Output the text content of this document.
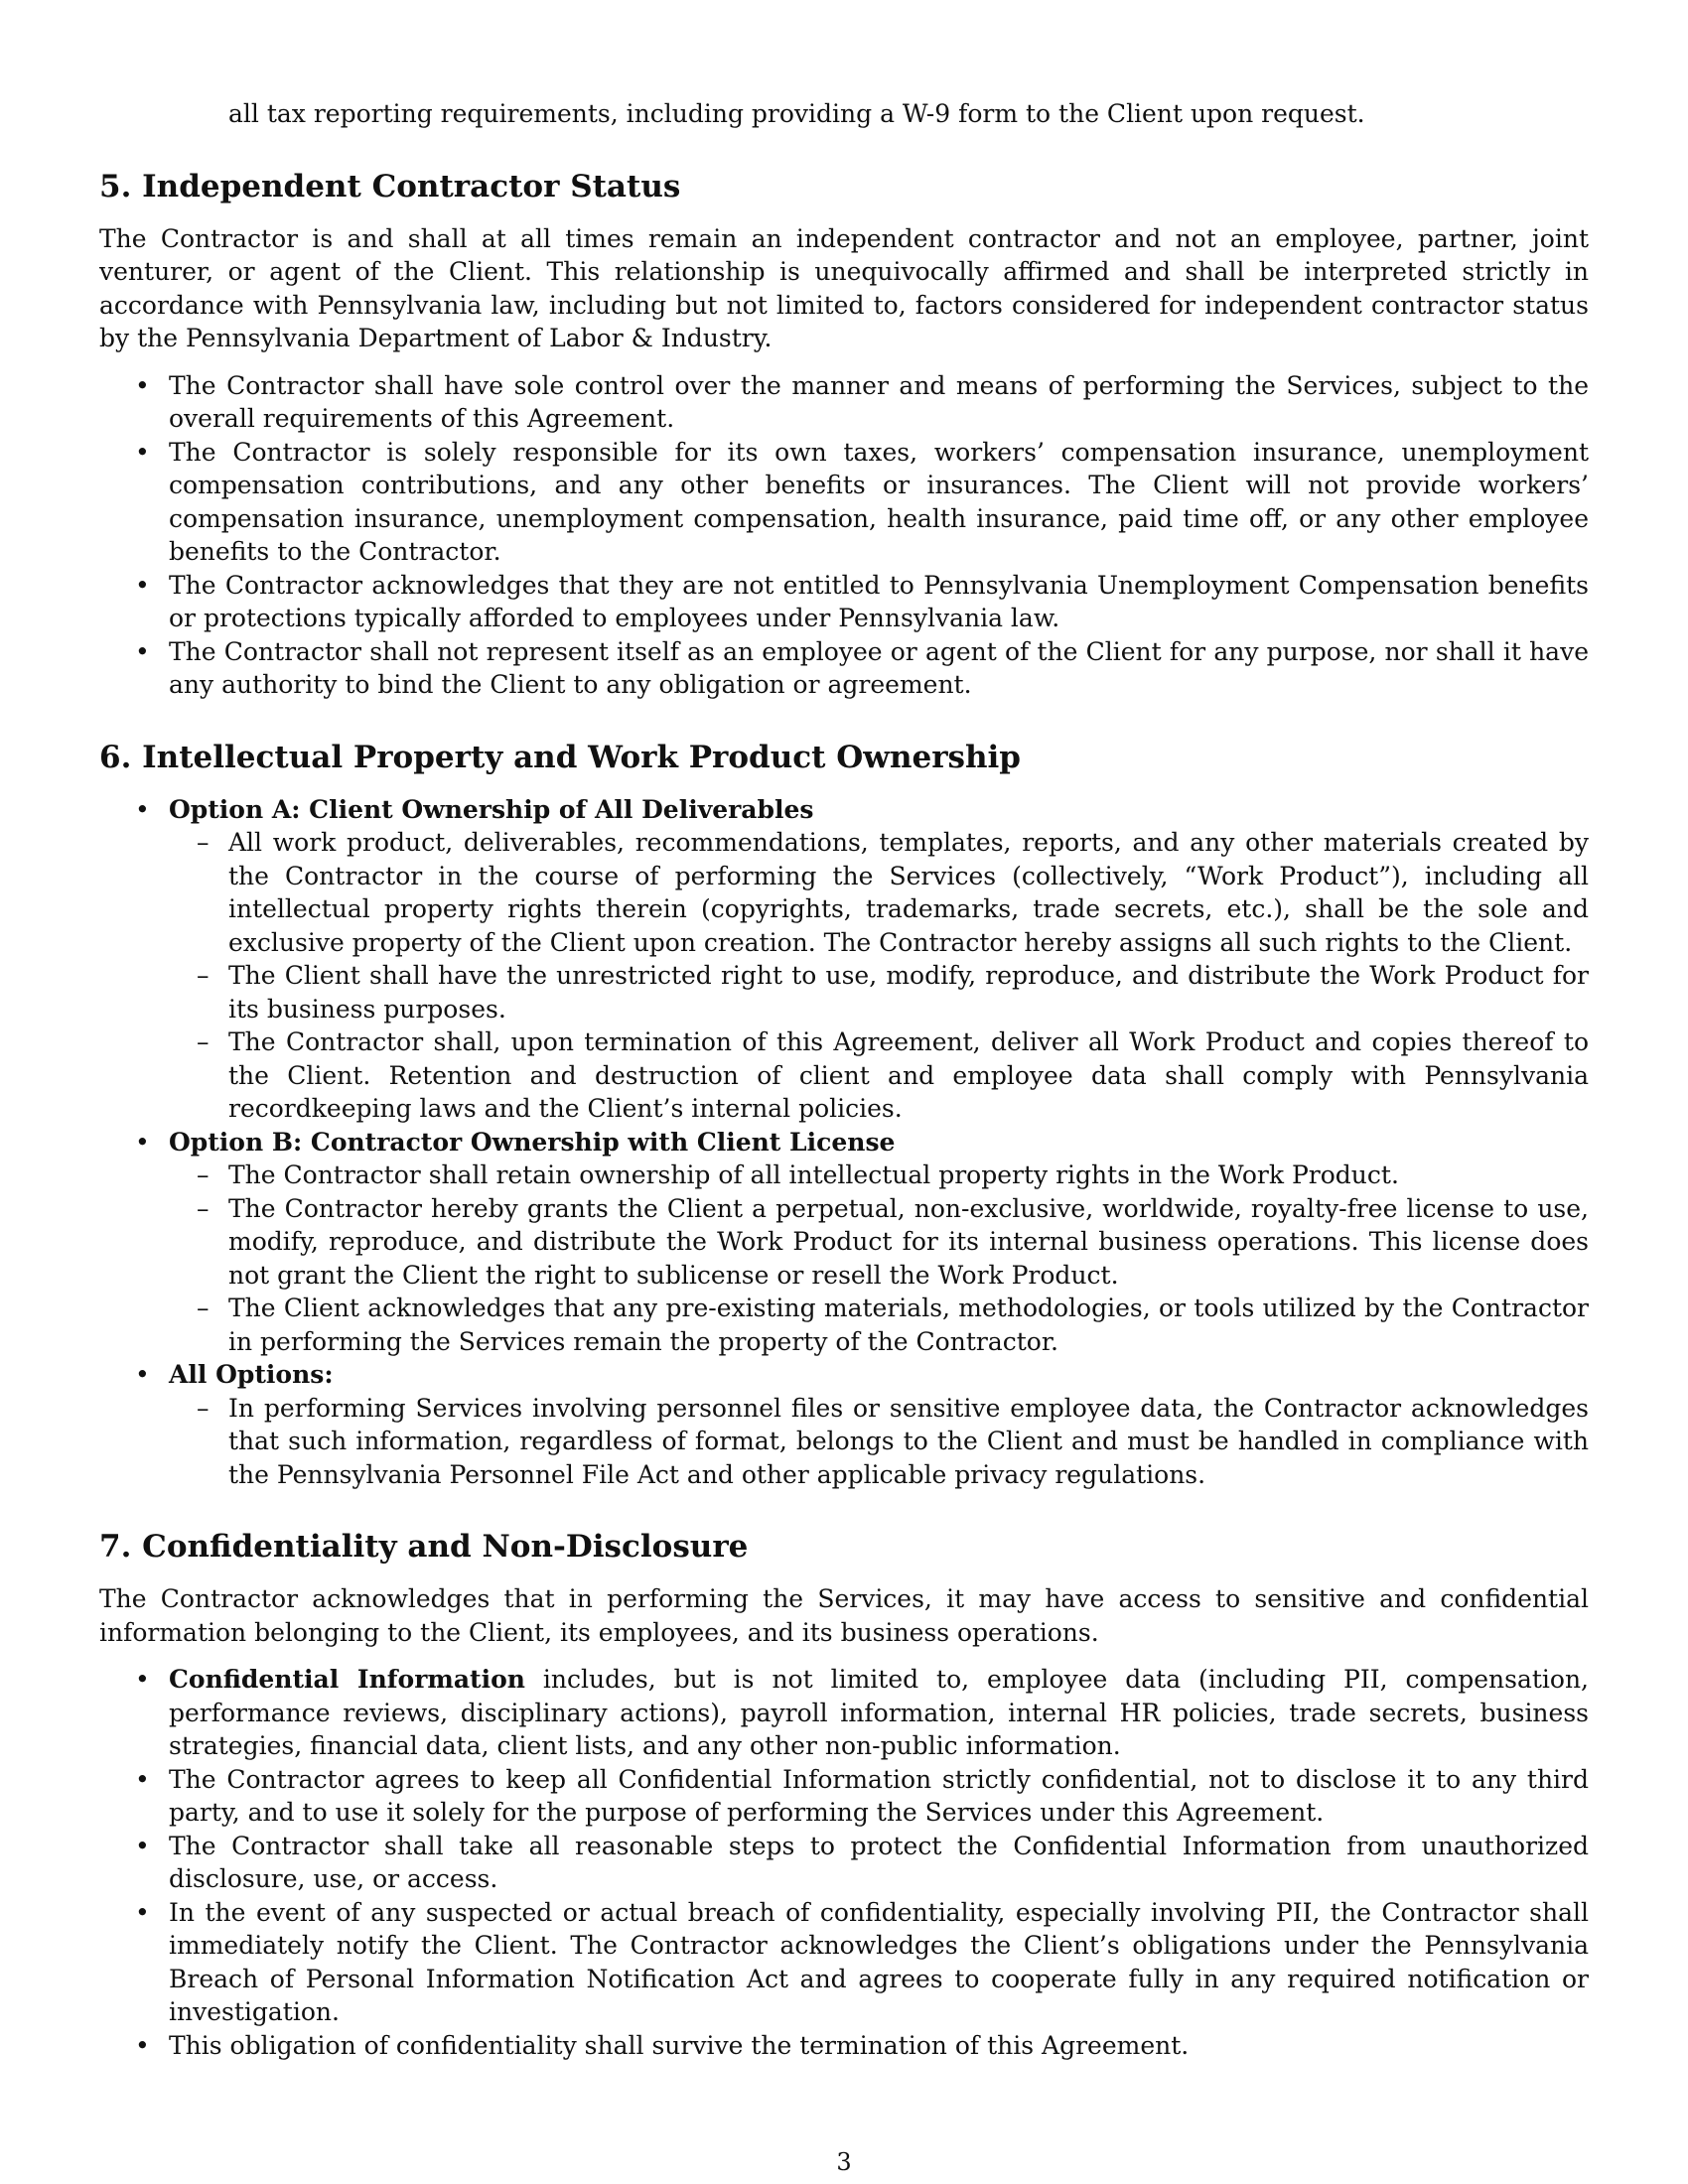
all tax reporting requirements, including providing a W-9 form to the Client upon request.

5. Independent Contractor Status

The Contractor is and shall at all times remain an independent contractor and not an employee, partner, joint venturer, or agent of the Client. This relationship is unequivocally affirmed and shall be interpreted strictly in accordance with Pennsylvania law, including but not limited to, factors considered for independent contractor status by the Pennsylvania Department of Labor & Industry.

• The Contractor shall have sole control over the manner and means of performing the Services, subject to the overall requirements of this Agreement.
• The Contractor is solely responsible for its own taxes, workers’ compensation insurance, unemployment compensation contributions, and any other benefits or insurances. The Client will not provide workers’ compensation insurance, unemployment compensation, health insurance, paid time off, or any other employee benefits to the Contractor.
• The Contractor acknowledges that they are not entitled to Pennsylvania Unemployment Compensation benefits or protections typically afforded to employees under Pennsylvania law.
• The Contractor shall not represent itself as an employee or agent of the Client for any purpose, nor shall it have any authority to bind the Client to any obligation or agreement.
6. Intellectual Property and Work Product Ownership
• Option A: Client Ownership of All Deliverables
– All work product, deliverables, recommendations, templates, reports, and any other materials created by the Contractor in the course of performing the Services (collectively, “Work Product”), including all intellectual property rights therein (copyrights, trademarks, trade secrets, etc.), shall be the sole and exclusive property of the Client upon creation. The Contractor hereby assigns all such rights to the Client.
– The Client shall have the unrestricted right to use, modify, reproduce, and distribute the Work Product for its business purposes.
– The Contractor shall, upon termination of this Agreement, deliver all Work Product and copies thereof to the Client. Retention and destruction of client and employee data shall comply with Pennsylvania recordkeeping laws and the Client’s internal policies.
• Option B: Contractor Ownership with Client License
– The Contractor shall retain ownership of all intellectual property rights in the Work Product.
– The Contractor hereby grants the Client a perpetual, non-exclusive, worldwide, royalty-free license to use, modify, reproduce, and distribute the Work Product for its internal business operations. This license does not grant the Client the right to sublicense or resell the Work Product.
– The Client acknowledges that any pre-existing materials, methodologies, or tools utilized by the Contractor in performing the Services remain the property of the Contractor.
• All Options:
– In performing Services involving personnel files or sensitive employee data, the Contractor acknowledges that such information, regardless of format, belongs to the Client and must be handled in compliance with the Pennsylvania Personnel File Act and other applicable privacy regulations.
7. Confidentiality and Non-Disclosure

The Contractor acknowledges that in performing the Services, it may have access to sensitive and confidential information belonging to the Client, its employees, and its business operations.

• Confidential Information includes, but is not limited to, employee data (including PII, compensation, performance reviews, disciplinary actions), payroll information, internal HR policies, trade secrets, business strategies, financial data, client lists, and any other non-public information.
• The Contractor agrees to keep all Confidential Information strictly confidential, not to disclose it to any third party, and to use it solely for the purpose of performing the Services under this Agreement.
• The Contractor shall take all reasonable steps to protect the Confidential Information from unauthorized disclosure, use, or access.
• In the event of any suspected or actual breach of confidentiality, especially involving PII, the Contractor shall immediately notify the Client. The Contractor acknowledges the Client’s obligations under the Pennsylvania Breach of Personal Information Notification Act and agrees to cooperate fully in any required notification or investigation.
• This obligation of confidentiality shall survive the termination of this Agreement.
3
